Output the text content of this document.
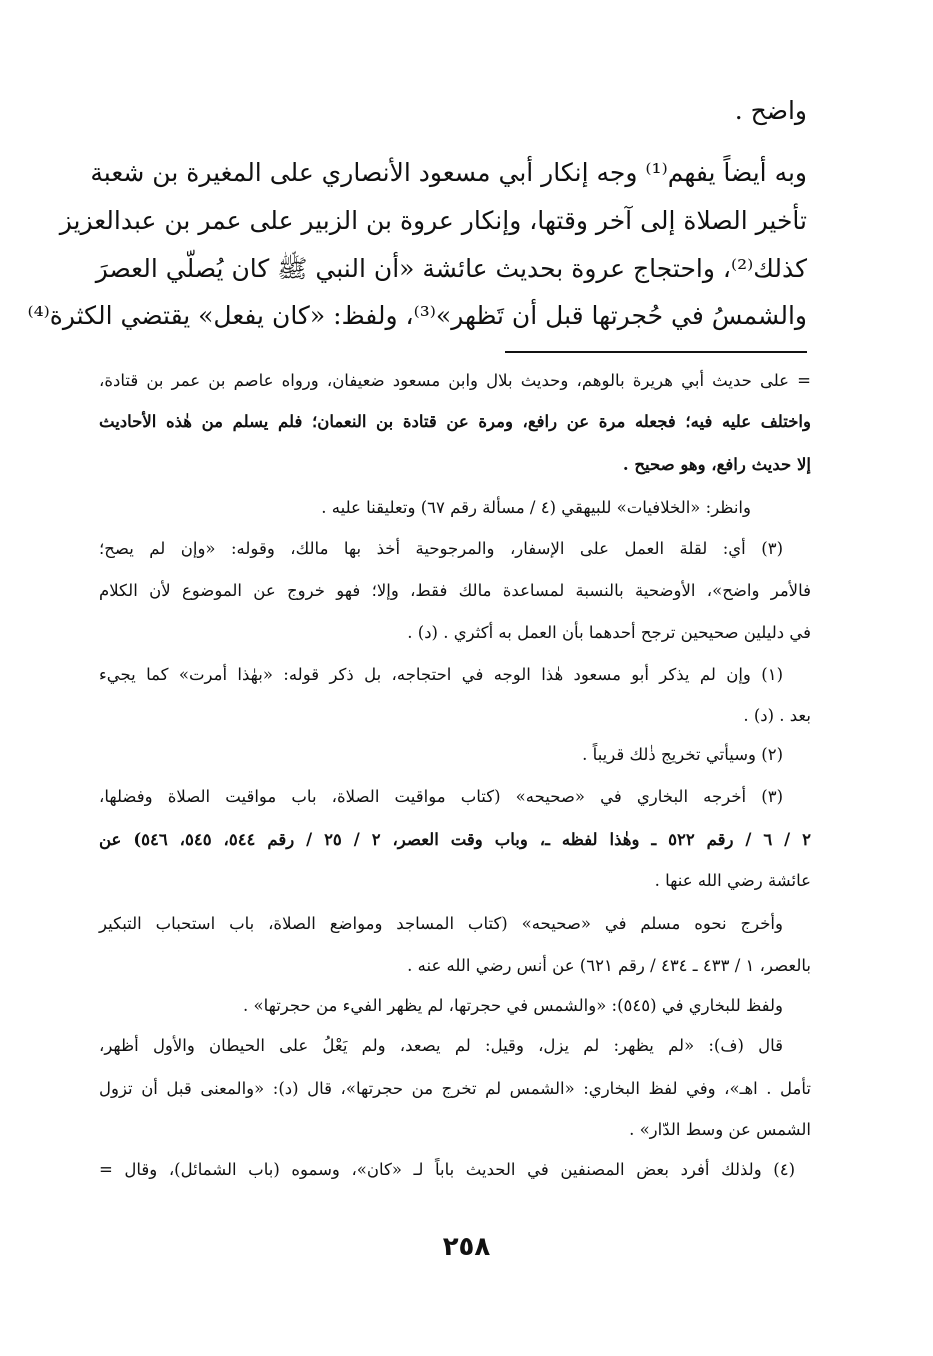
واضح .
وبه أيضاً يفهم⁽¹⁾ وجه إنكار أبي مسعود الأنصاري على المغيرة بن شعبة
تأخير الصلاة إلى آخر وقتها، وإنكار عروة بن الزبير على عمر بن عبدالعزيز
كذلك⁽²⁾، واحتجاج عروة بحديث عائشة «أن النبي ﷺ كان يُصلّي العصرَ
والشمسُ في حُجرتها قبل أن تَظهر»⁽³⁾، ولفظ: «كان يفعل» يقتضي الكثرة⁽⁴⁾
= على حديث أبي هريرة بالوهم، وحديث بلال وابن مسعود ضعيفان، ورواه عاصم بن عمر بن قتادة،
واختلف عليه فيه؛ فجعله مرة عن رافع، ومرة عن قتادة بن النعمان؛ فلم يسلم من هٰذه الأحاديث
إلا حديث رافع، وهو صحيح .
وانظر: «الخلافيات» للبيهقي (٤ / مسألة رقم ٦٧) وتعليقنا عليه .
(٣) أي: لقلة العمل على الإسفار، والمرجوحية أخذ بها مالك، وقوله: «وإن لم يصح؛
فالأمر واضح»، الأوضحية بالنسبة لمساعدة مالك فقط، وإلا؛ فهو خروج عن الموضوع لأن الكلام
في دليلين صحيحين ترجح أحدهما بأن العمل به أكثري . (د) .
(١) وإن لم يذكر أبو مسعود هٰذا الوجه في احتجاجه، بل ذكر قوله: «بهٰذا أمرت» كما يجيء
بعد . (د) .
(٢) وسيأتي تخريج ذٰلك قريباً .
(٣) أخرجه البخاري في «صحيحه» (كتاب مواقيت الصلاة، باب مواقيت الصلاة وفضلها،
٢ / ٦ / رقم ٥٢٢ ـ وهٰذا لفظه ـ، وباب وقت العصر، ٢ / ٢٥ / رقم ٥٤٤، ٥٤٥، ٥٤٦) عن
عائشة رضي الله عنها .
وأخرج نحوه مسلم في «صحيحه» (كتاب المساجد ومواضع الصلاة، باب استحباب التبكير
بالعصر، ١ / ٤٣٣ ـ ٤٣٤ / رقم ٦٢١) عن أنس رضي الله عنه .
ولفظ للبخاري في (٥٤٥): «والشمس في حجرتها، لم يظهر الفيء من حجرتها» .
قال (ف): «لم يظهر: لم يزل، وقيل: لم يصعد، ولم يَعْلُ على الحيطان والأول أظهر،
تأمل . اهـ»، وفي لفظ البخاري: «الشمس لم تخرج من حجرتها»، قال (د): «والمعنى قبل أن تزول
الشمس عن وسط الدّار» .
(٤) ولذلك أفرد بعض المصنفين في الحديث باباً لـ «كان»، وسموه (باب الشمائل)، وقال =
٢٥٨
